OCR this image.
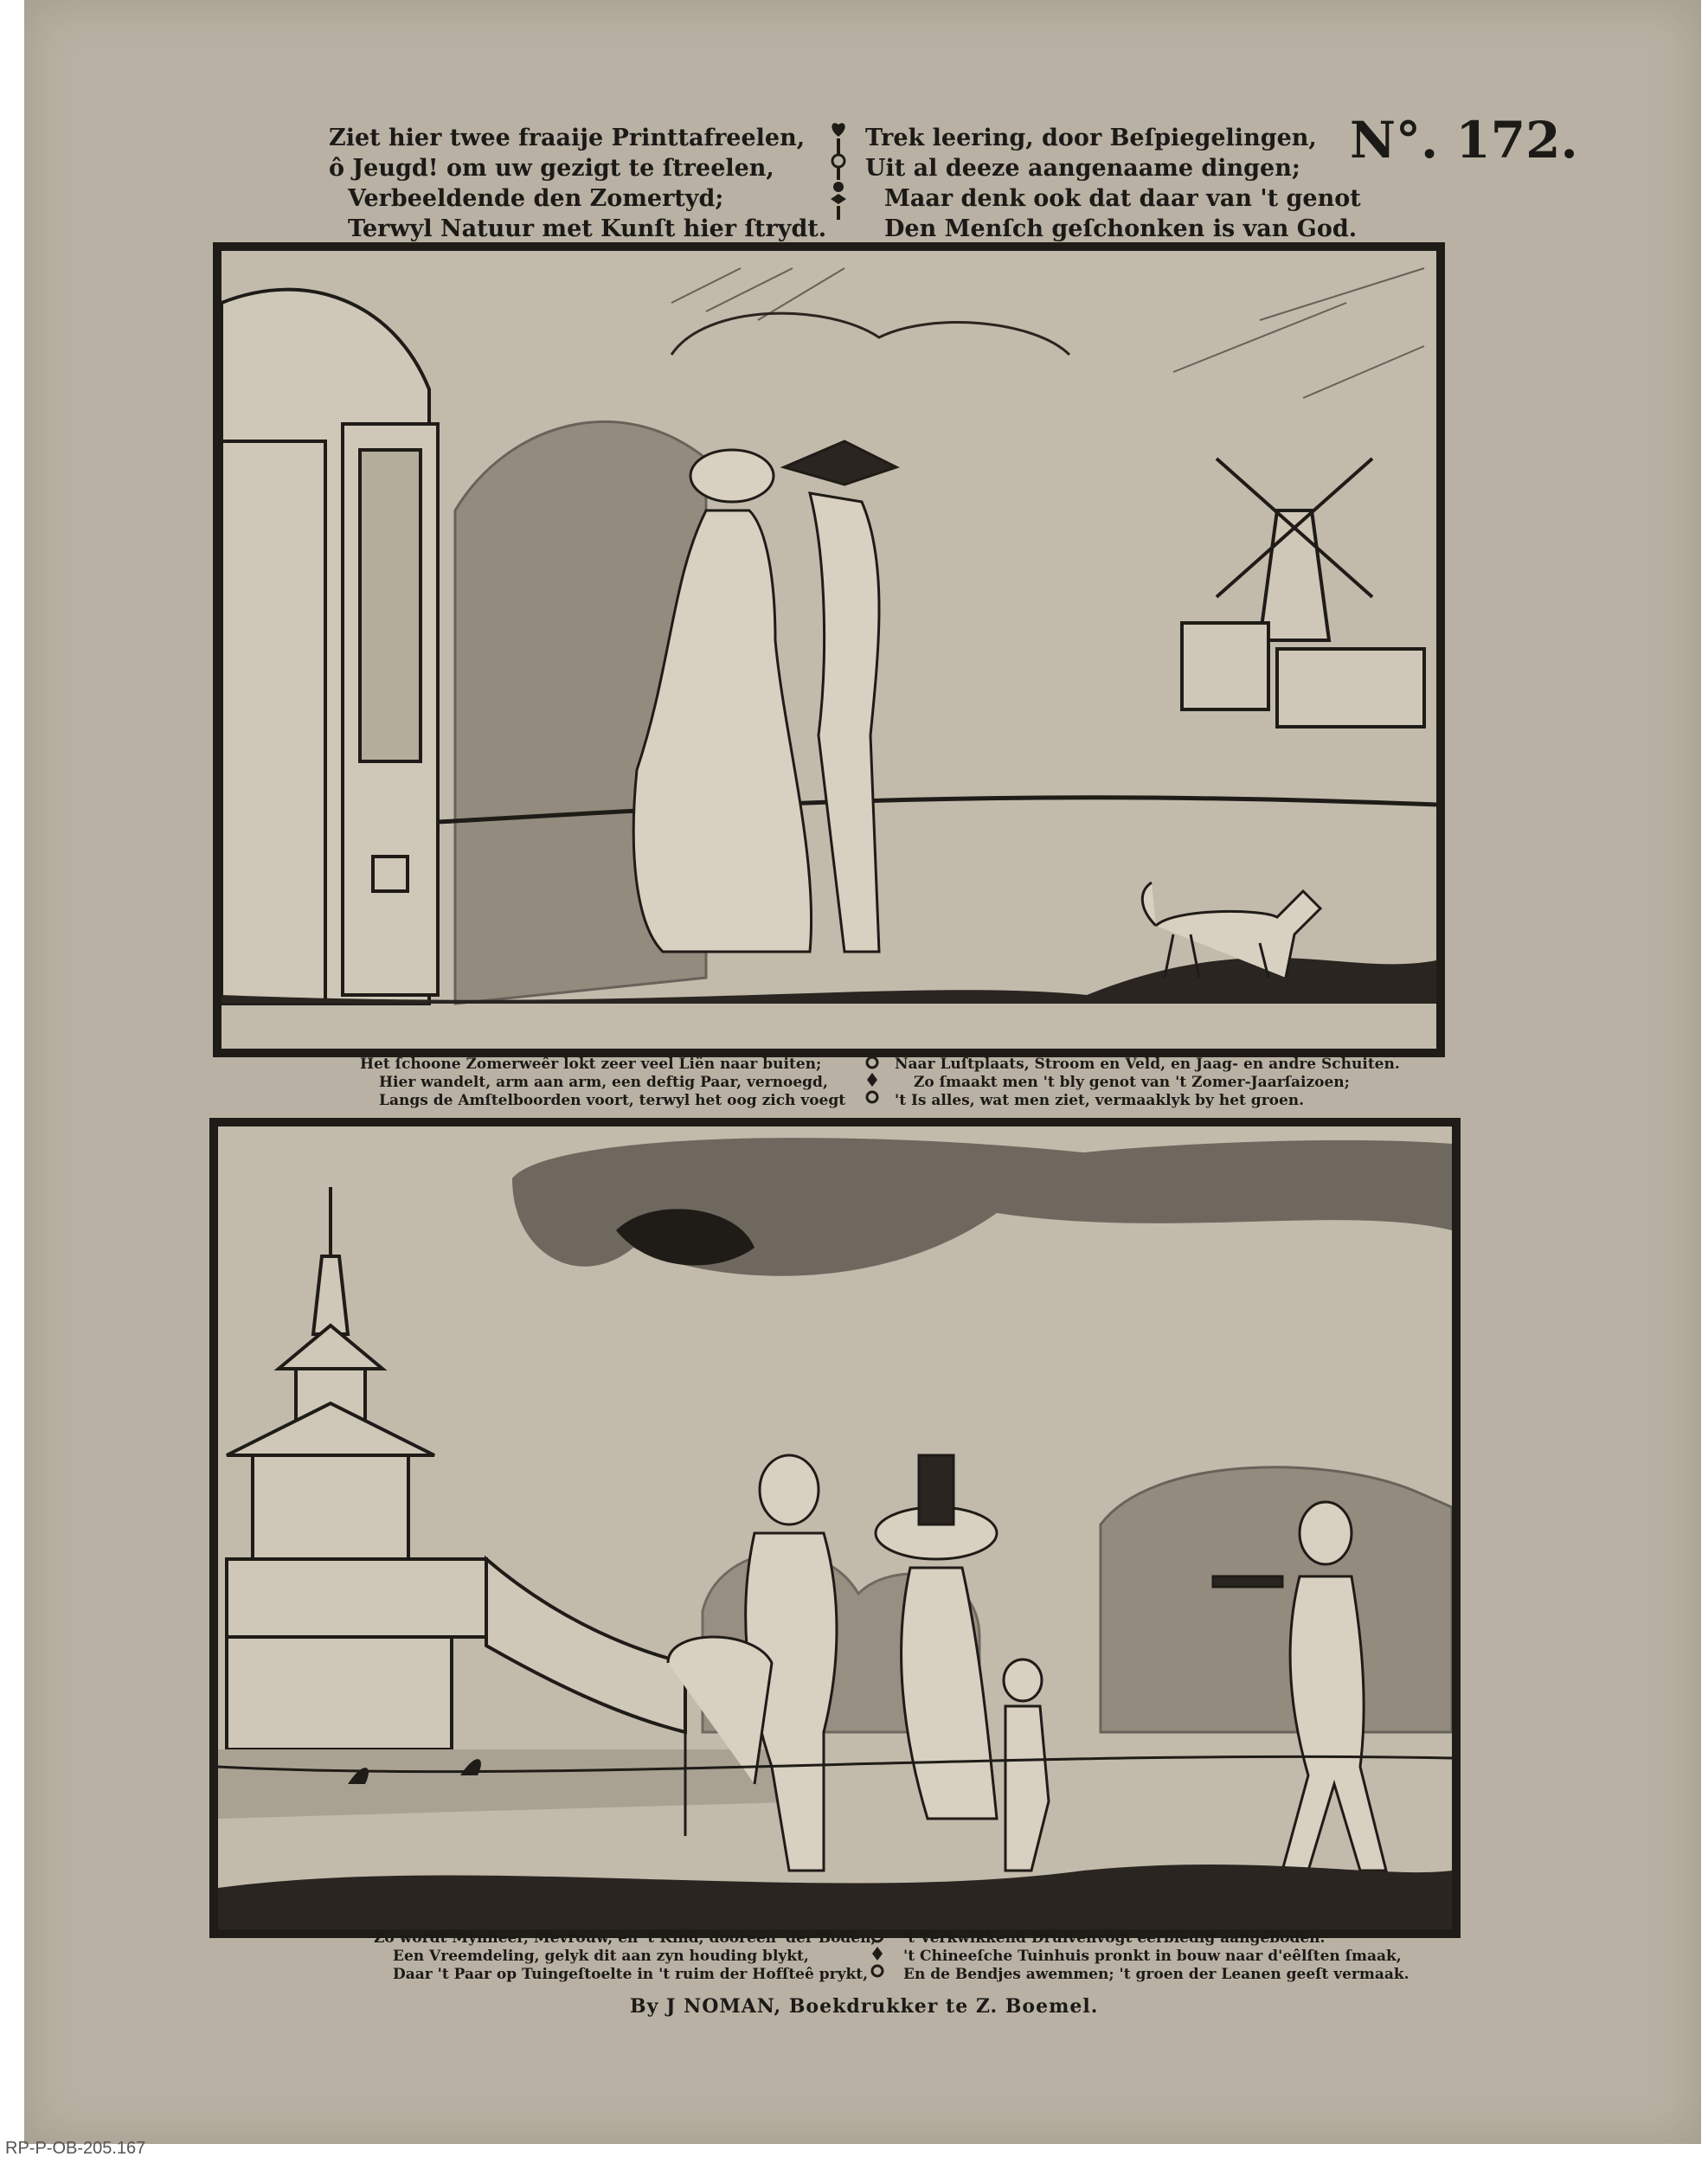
Ziet hier twee fraaije Printtafreelen,
ô Jeugd! om uw gezigt te ſtreelen,
Verbeeldende den Zomertyd;
Terwyl Natuur met Kunſt hier ſtrydt.
Trek leering, door Beſpiegelingen,
Uit al deeze aangenaame dingen;
Maar denk ook dat daar van 't genot
Den Menſch geſchonken is van God.
N°. 172.
Het ſchoone Zomerweêr lokt zeer veel Liën naar buiten;
Hier wandelt, arm aan arm, een deftig Paar, vernoegd,
Langs de Amſtelboorden voort, terwyl het oog zich voegt
Naar Luſtplaats, Stroom en Veld, en Jaag- en andre Schuiten.
Zo ſmaakt men 't bly genot van 't Zomer-Jaarſaizoen;
't Is alles, wat men ziet, vermaaklyk by het groen.
Zo wordt Mynheer, Mevrouw, en 't Kind, dooreen' der Boden,
Een Vreemdeling, gelyk dit aan zyn houding blykt,
Daar 't Paar op Tuingeſtoelte in 't ruim der Hofſteê prykt,
't Verkwikkend Druivenvogt eerbiedig aangeboden.
't Chineeſche Tuinhuis pronkt in bouw naar d'eêlſten ſmaak,
En de Bendjes awemmen; 't groen der Leanen geeſt vermaak.
By J NOMAN, Boekdrukker te Z. Boemel.
RP-P-OB-205.167
